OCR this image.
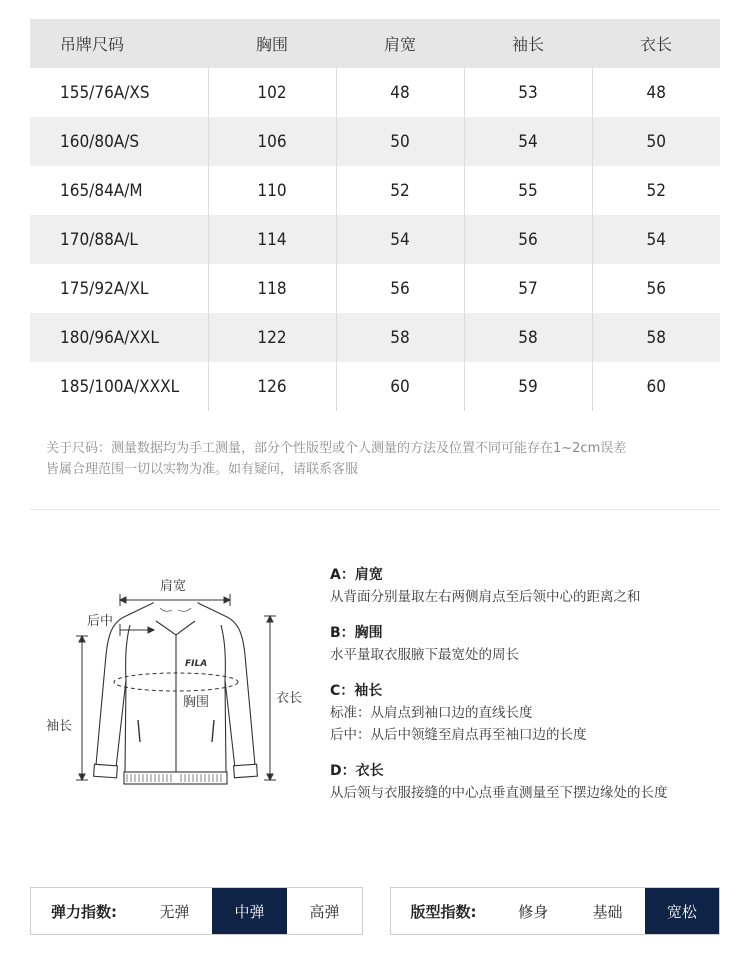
吊牌尺码	胸围	肩宽	袖长	衣长
155/76A/XS	102	48	53	48
160/80A/S	106	50	54	50
165/84A/M	110	52	55	52
170/88A/L	114	54	56	54
175/92A/XL	118	56	57	56
180/96A/XXL	122	58	58	58
185/100A/XXXL	126	60	59	60
关于尺码：测量数据均为手工测量，部分个性版型或个人测量的方法及位置不同可能存在1~2cm误差
皆属合理范围一切以实物为准。如有疑问，请联系客服
肩宽
后中
FILA
胸围	衣长
袖长
A：肩宽
从背面分别量取左右两侧肩点至后领中心的距离之和
B：胸围
水平量取衣服腋下最宽处的周长
C：袖长
标准：从肩点到袖口边的直线长度
后中：从后中领缝至肩点再至袖口边的长度
D：衣长
从后领与衣服接缝的中心点垂直测量至下摆边缘处的长度
弹力指数:	无弹	中弹	高弹	版型指数:	修身	基础	宽松
